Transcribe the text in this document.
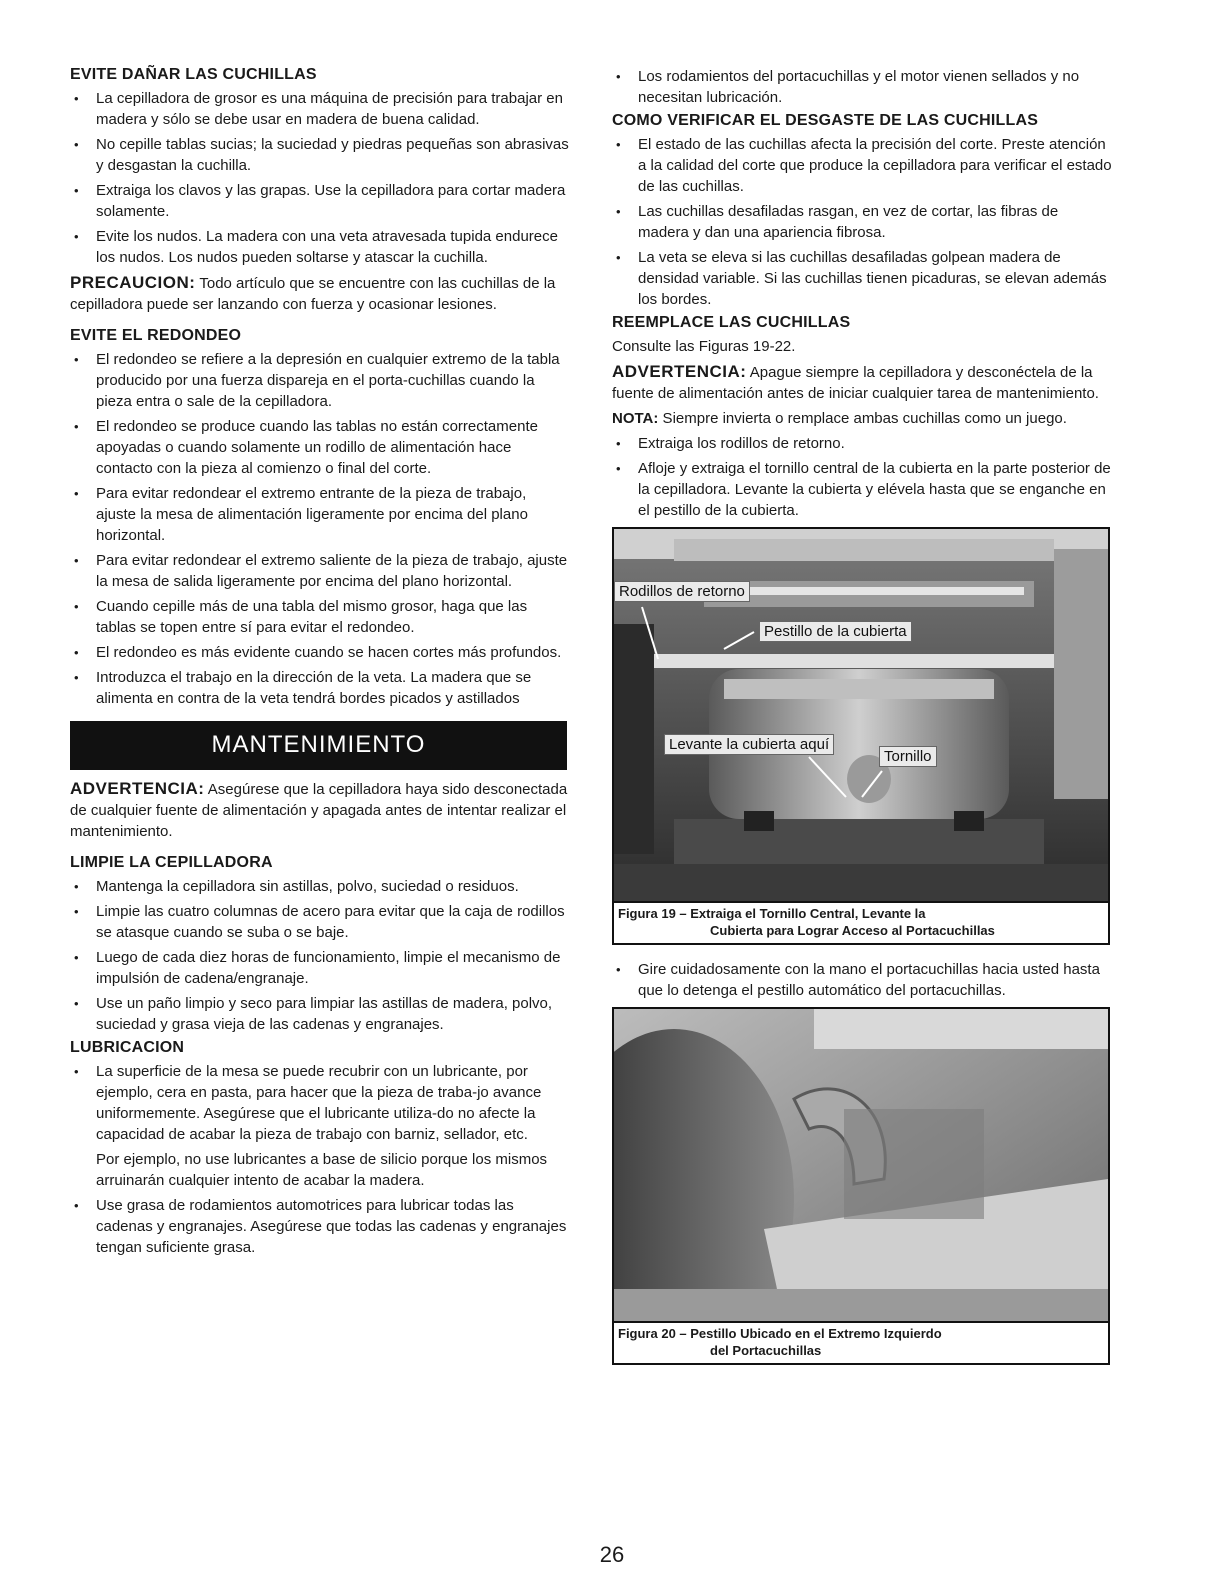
EVITE DAÑAR LAS CUCHILLAS
• La cepilladora de grosor es una máquina de precisión para trabajar en madera y sólo se debe usar en madera de buena calidad.
• No cepille tablas sucias; la suciedad y piedras pequeñas son abrasivas y desgastan la cuchilla.
• Extraiga los clavos y las grapas. Use la cepilladora para cortar madera solamente.
• Evite los nudos. La madera con una veta atravesada tupida endurece los nudos. Los nudos pueden soltarse y atascar la cuchilla.

PRECAUCION: Todo artículo que se encuentre con las cuchillas de la cepilladora puede ser lanzando con fuerza y ocasionar lesiones.

EVITE EL REDONDEO
• El redondeo se refiere a la depresión en cualquier extremo de la tabla producido por una fuerza dispareja en el porta-cuchillas cuando la pieza entra o sale de la cepilladora.
• El redondeo se produce cuando las tablas no están correctamente apoyadas o cuando solamente un rodillo de alimentación hace contacto con la pieza al comienzo o final del corte.
• Para evitar redondear el extremo entrante de la pieza de trabajo, ajuste la mesa de alimentación ligeramente por encima del plano horizontal.
• Para evitar redondear el extremo saliente de la pieza de trabajo, ajuste la mesa de salida ligeramente por encima del plano horizontal.
• Cuando cepille más de una tabla del mismo grosor, haga que las tablas se topen entre sí para evitar el redondeo.
• El redondeo es más evidente cuando se hacen cortes más profundos.
• Introduzca el trabajo en la dirección de la veta. La madera que se alimenta en contra de la veta tendrá bordes picados y astillados
MANTENIMIENTO

ADVERTENCIA: Asegúrese que la cepilladora haya sido desconectada de cualquier fuente de alimentación y apagada antes de intentar realizar el mantenimiento.

LIMPIE LA CEPILLADORA
• Mantenga la cepilladora sin astillas, polvo, suciedad o residuos.
• Limpie las cuatro columnas de acero para evitar que la caja de rodillos se atasque cuando se suba o se baje.
• Luego de cada diez horas de funcionamiento, limpie el mecanismo de impulsión de cadena/engranaje.
• Use un paño limpio y seco para limpiar las astillas de madera, polvo, suciedad y grasa vieja de las cadenas y engranajes.
LUBRICACION
• La superficie de la mesa se puede recubrir con un lubricante, por ejemplo, cera en pasta, para hacer que la pieza de traba-jo avance uniformemente. Asegúrese que el lubricante utiliza-do no afecte la capacidad de acabar la pieza de trabajo con barniz, sellador, etc.

Por ejemplo, no use lubricantes a base de silicio porque los mismos arruinarán cualquier intento de acabar la madera.

• Use grasa de rodamientos automotrices para lubricar todas las cadenas y engranajes. Asegúrese que todas las cadenas y engranajes tengan suficiente grasa.
• Los rodamientos del portacuchillas y el motor vienen sellados y no necesitan lubricación.
COMO VERIFICAR EL DESGASTE DE LAS CUCHILLAS
• El estado de las cuchillas afecta la precisión del corte. Preste atención a la calidad del corte que produce la cepilladora para verificar el estado de las cuchillas.
• Las cuchillas desafiladas rasgan, en vez de cortar, las fibras de madera y dan una apariencia fibrosa.
• La veta se eleva si las cuchillas desafiladas golpean madera de densidad variable. Si las cuchillas tienen picaduras, se elevan además los bordes.
REEMPLACE LAS CUCHILLAS

Consulte las Figuras 19-22.

ADVERTENCIA: Apague siempre la cepilladora y desconéctela de la fuente de alimentación antes de iniciar cualquier tarea de mantenimiento.

NOTA: Siempre invierta o remplace ambas cuchillas como un juego.

• Extraiga los rodillos de retorno.
• Afloje y extraiga el tornillo central de la cubierta en la parte posterior de la cepilladora. Levante la cubierta y elévela hasta que se enganche en el pestillo de la cubierta.
Rodillos de retorno
Pestillo de la cubierta
Levante la cubierta aquí
Tornillo
Figura 19 – Extraiga el Tornillo Central, Levante la
Cubierta para Lograr Acceso al Portacuchillas
• Gire cuidadosamente con la mano el portacuchillas hacia usted hasta que lo detenga el pestillo automático del portacuchillas.
Figura 20 – Pestillo Ubicado en el Extremo Izquierdo
del Portacuchillas
26
